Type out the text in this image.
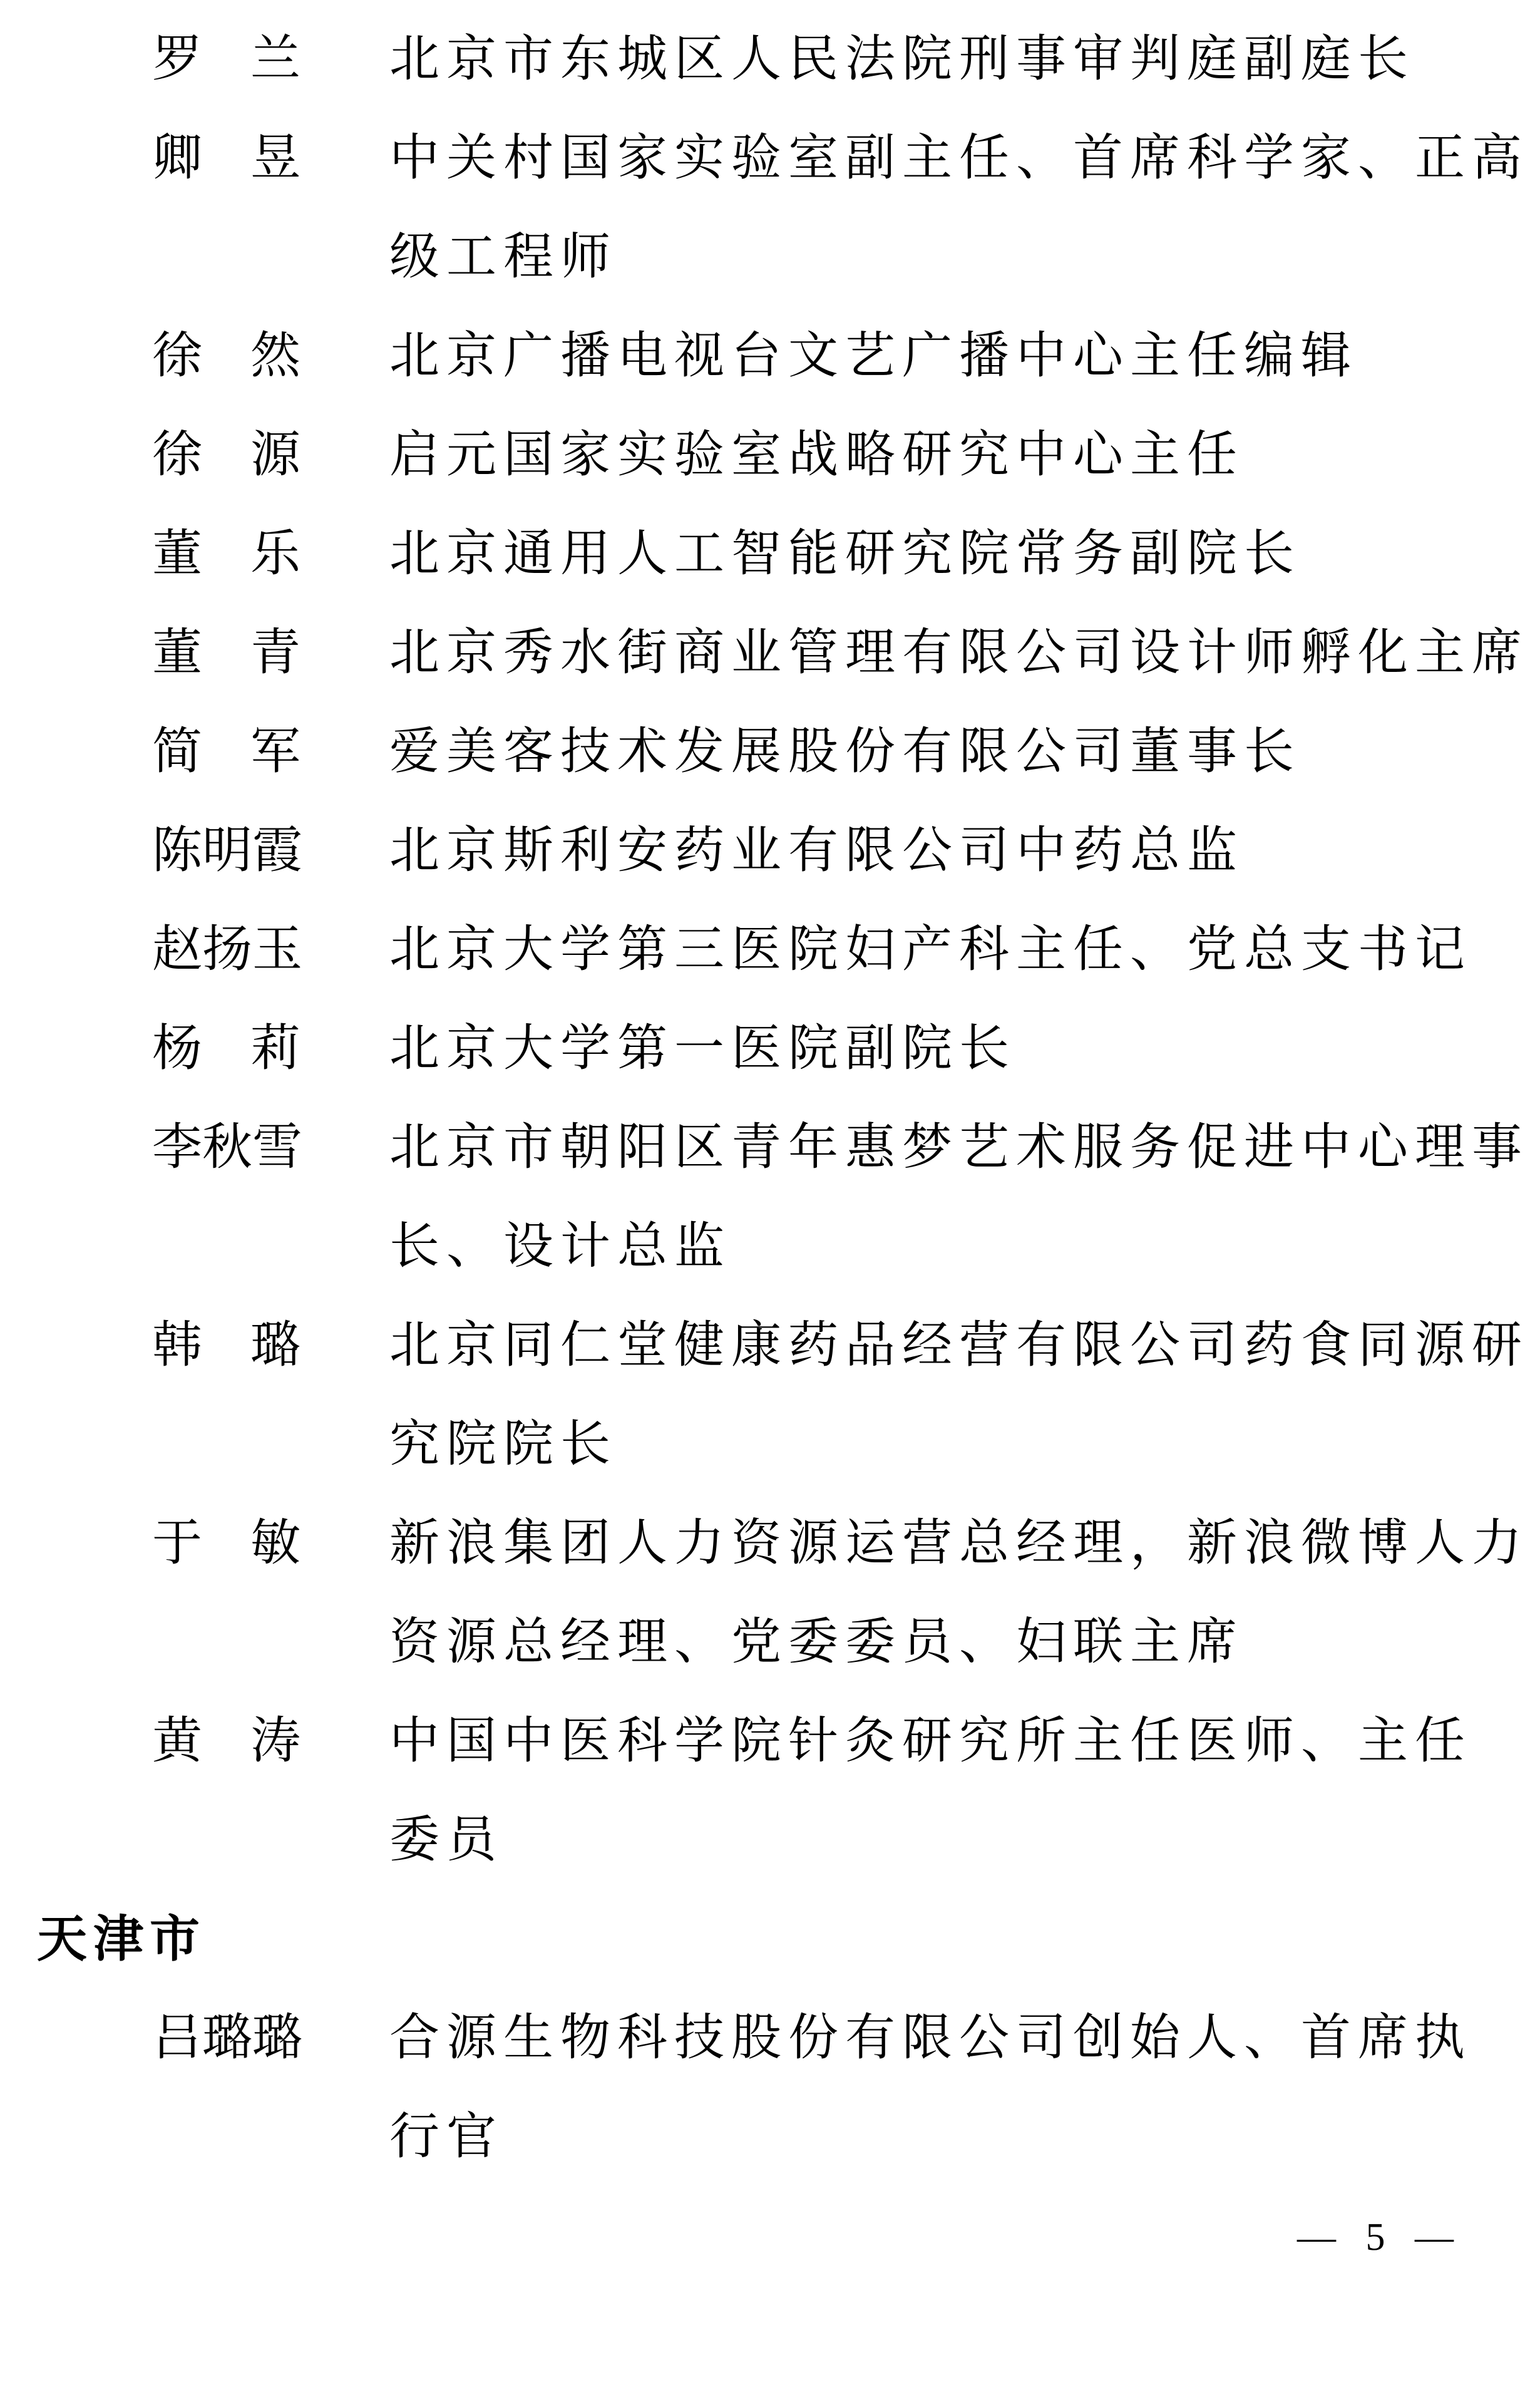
罗 兰 北京市东城区人民法院刑事审判庭副庭长
卿 昱 中关村国家实验室副主任、首席科学家、正高
级工程师
徐 然 北京广播电视台文艺广播中心主任编辑
徐 源 启元国家实验室战略研究中心主任
董 乐 北京通用人工智能研究院常务副院长
董 青 北京秀水街商业管理有限公司设计师孵化主席
简 军 爱美客技术发展股份有限公司董事长
陈 明 霞 北京斯利安药业有限公司中药总监
赵 扬 玉 北京大学第三医院妇产科主任、党总支书记
杨 莉 北京大学第一医院副院长
李 秋 雪 北京市朝阳区青年惠梦艺术服务促进中心理事
长、设计总监
韩 璐 北京同仁堂健康药品经营有限公司药食同源研
究院院长
于 敏 新浪集团人力资源运营总经理，新浪微博人力
资源总经理、党委委员、妇联主席
黄 涛 中国中医科学院针灸研究所主任医师、主任
委员
天津市
吕 璐 璐 合源生物科技股份有限公司创始人、首席执
行官
— 5 —
